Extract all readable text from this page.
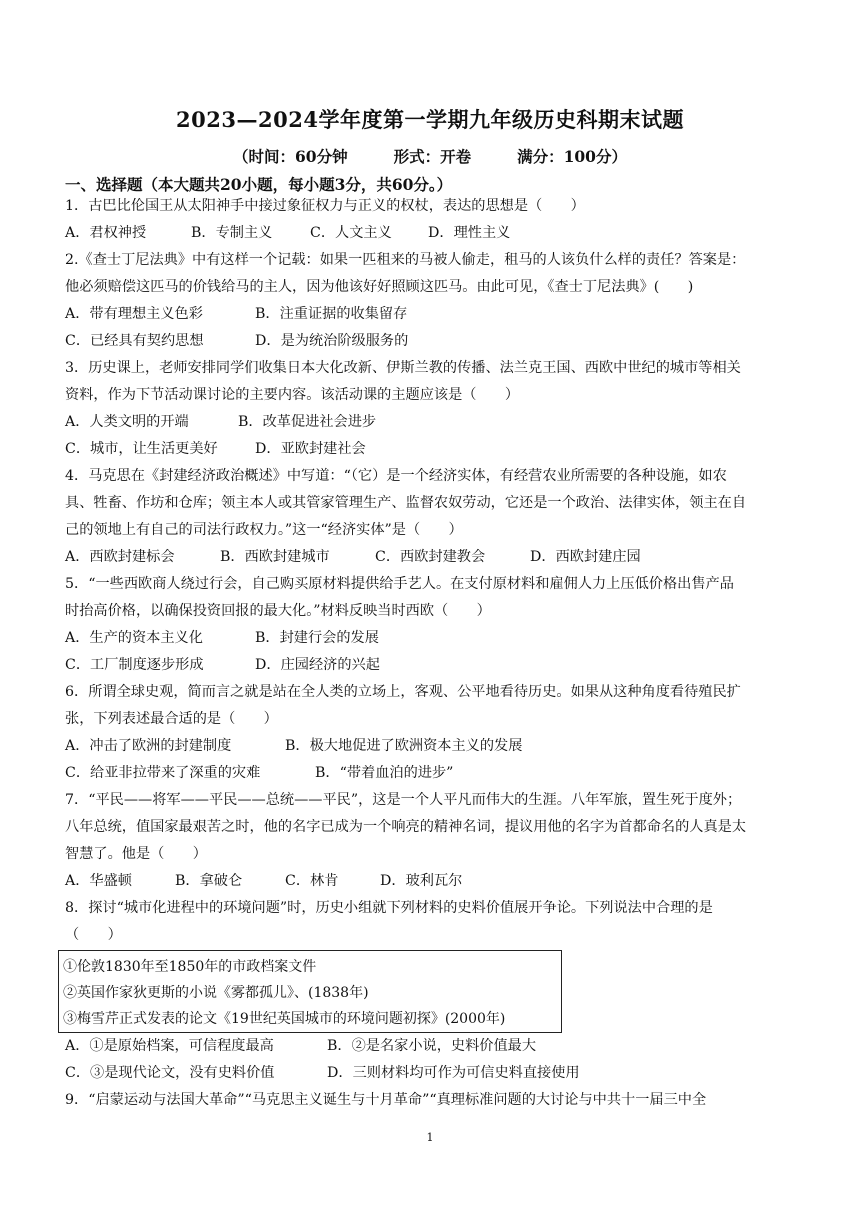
2023—2024学年度第一学期九年级历史科期末试题
（时间：60分钟	形式：开卷	满分：100分）
一、选择题（本大题共20小题，每小题3分，共60分。）
1．古巴比伦国王从太阳神手中接过象征权力与正义的权杖，表达的思想是（　　）
A．君权神授	B．专制主义	C．人文主义	D．理性主义
2.《查士丁尼法典》中有这样一个记载：如果一匹租来的马被人偷走，租马的人该负什么样的责任？答案是：
他必须赔偿这匹马的价钱给马的主人，因为他该好好照顾这匹马。由此可见，《查士丁尼法典》(　　)
A．带有理想主义色彩	B．注重证据的收集留存
C．已经具有契约思想	D．是为统治阶级服务的
3．历史课上，老师安排同学们收集日本大化改新、伊斯兰教的传播、法兰克王国、西欧中世纪的城市等相关
资料，作为下节活动课讨论的主要内容。该活动课的主题应该是（　　）
A．人类文明的开端	B．改革促进社会进步
C．城市，让生活更美好	D．亚欧封建社会
4．马克思在《封建经济政治概述》中写道：“（它）是一个经济实体，有经营农业所需要的各种设施，如农
具、牲畜、作坊和仓库；领主本人或其管家管理生产、监督农奴劳动，它还是一个政治、法律实体，领主在自
己的领地上有自己的司法行政权力。”这一“经济实体”是（　　）
A．西欧封建标会	B．西欧封建城市	C．西欧封建教会	D．西欧封建庄园
5．“一些西欧商人绕过行会，自己购买原材料提供给手艺人。在支付原材料和雇佣人力上压低价格出售产品
时抬高价格，以确保投资回报的最大化。”材料反映当时西欧（　　）
A．生产的资本主义化	B．封建行会的发展
C．工厂制度逐步形成	D．庄园经济的兴起
6．所谓全球史观，简而言之就是站在全人类的立场上，客观、公平地看待历史。如果从这种角度看待殖民扩
张，下列表述最合适的是（　　）
A．冲击了欧洲的封建制度	B．极大地促进了欧洲资本主义的发展
C．给亚非拉带来了深重的灾难	B．“带着血泊的进步”
7．“平民——将军——平民——总统——平民”，这是一个人平凡而伟大的生涯。八年军旅，置生死于度外；
八年总统，值国家最艰苦之时，他的名字已成为一个响亮的精神名词，提议用他的名字为首都命名的人真是太
智慧了。他是（　　）
A．华盛顿	B．拿破仑	C．林肯	D．玻利瓦尔
8．探讨“城市化进程中的环境问题”时，历史小组就下列材料的史料价值展开争论。下列说法中合理的是
（　　）
①伦敦1830年至1850年的市政档案文件
②英国作家狄更斯的小说《雾都孤儿》、(1838年)
③梅雪芹正式发表的论文《19世纪英国城市的环境问题初探》(2000年)
A．①是原始档案，可信程度最高	B．②是名家小说，史料价值最大
C．③是现代论文，没有史料价值	D．三则材料均可作为可信史料直接使用
9．“启蒙运动与法国大革命”“马克思主义诞生与十月革命”“真理标准问题的大讨论与中共十一届三中全
1
